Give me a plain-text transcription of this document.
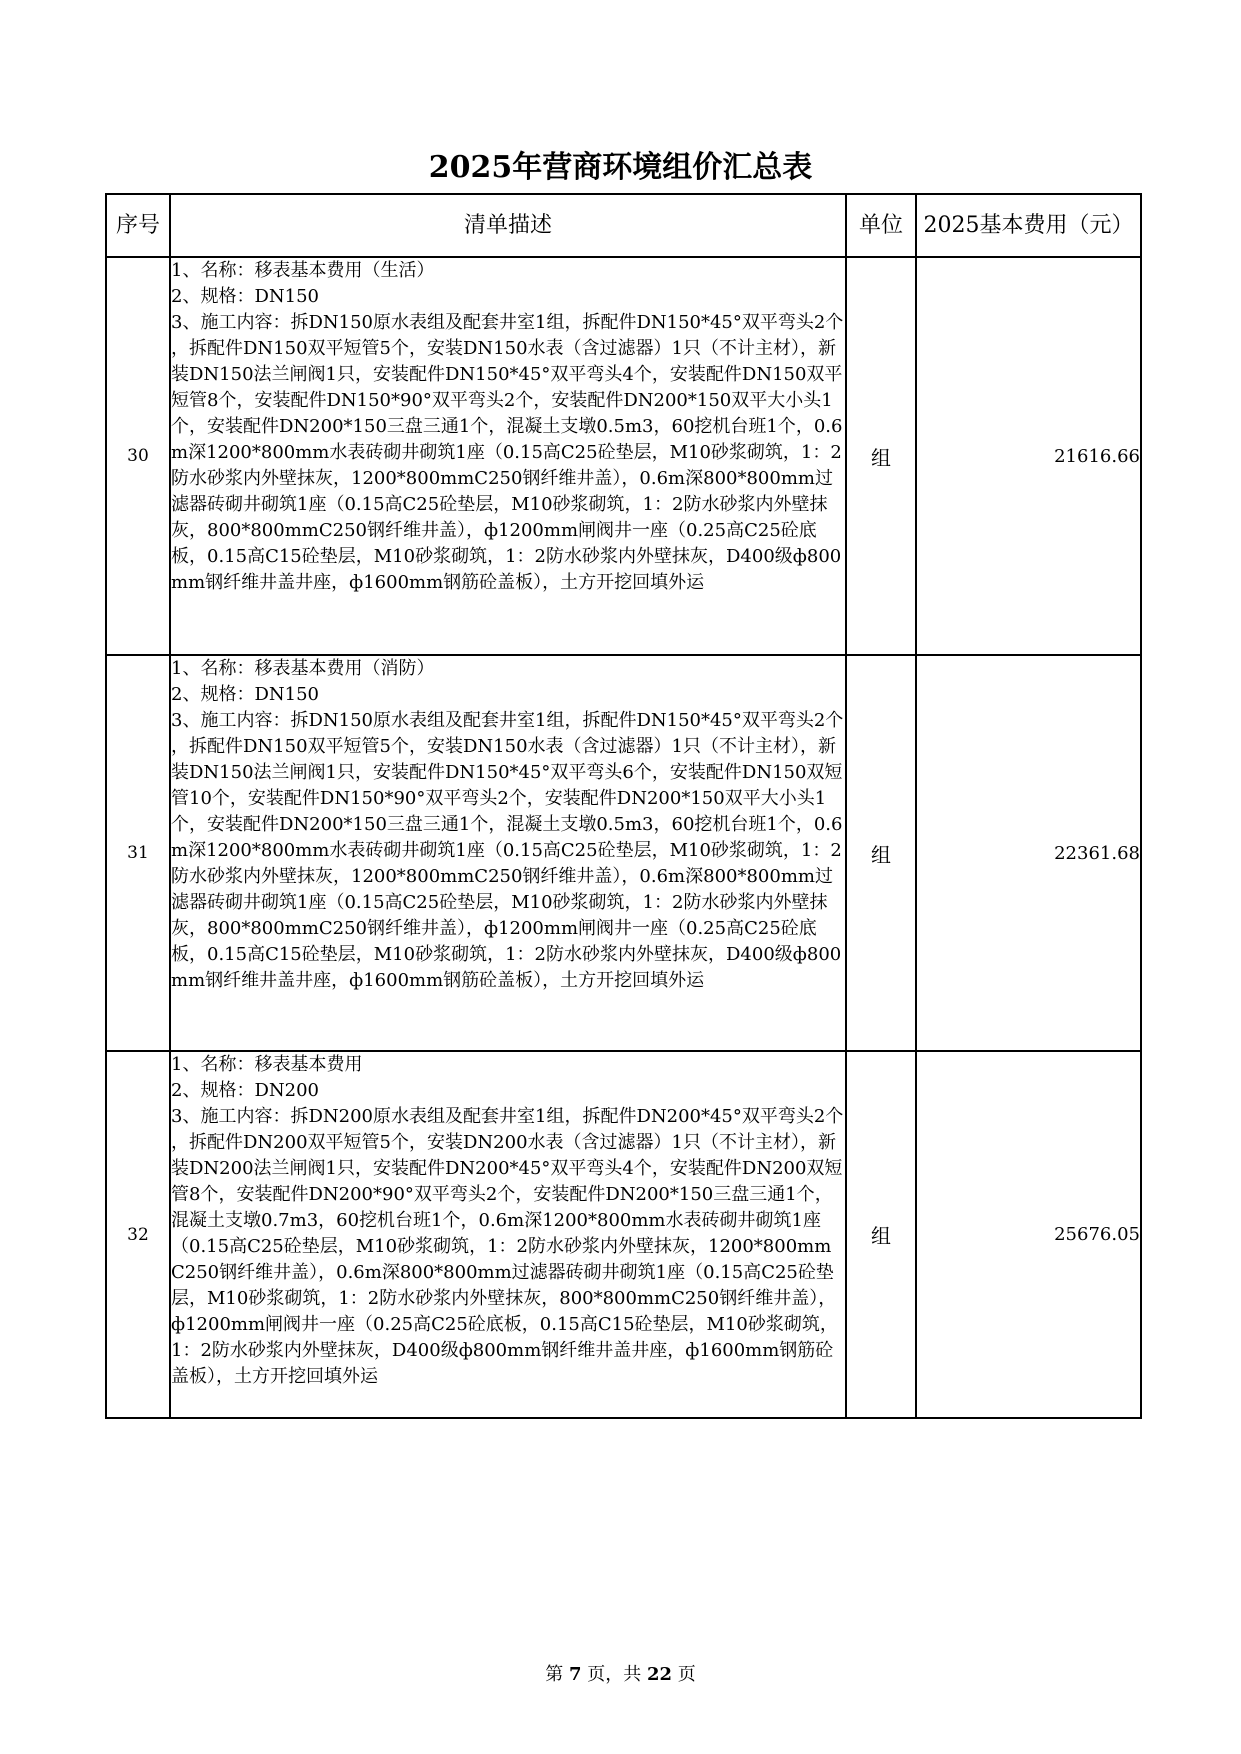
2025年营商环境组价汇总表
序号	清单描述	单位	2025基本费用（元）
30	1、名称：移表基本费用（生活）
2、规格：DN150
3、施工内容：拆DN150原水表组及配套井室1组，拆配件DN150*45°双平弯头2个 ，拆配件DN150双平短管5个，安装DN150水表（含过滤器）1只（不计主材），新装DN150法兰闸阀1只，安装配件DN150*45°双平弯头4个，安装配件DN150双平短管8个，安装配件DN150*90°双平弯头2个，安装配件DN200*150双平大小头1个，安装配件DN200*150三盘三通1个，混凝土支墩0.5m3，60挖机台班1个，0.6m深1200*800mm水表砖砌井砌筑1座（0.15高C25砼垫层，M10砂浆砌筑，1：2防水砂浆内外壁抹灰，1200*800mmC250钢纤维井盖），0.6m深800*800mm过滤器砖砌井砌筑1座（0.15高C25砼垫层，M10砂浆砌筑，1：2防水砂浆内外壁抹灰，800*800mmC250钢纤维井盖），ф1200mm闸阀井一座（0.25高C25砼底板，0.15高C15砼垫层，M10砂浆砌筑，1：2防水砂浆内外壁抹灰，D400级ф800mm钢纤维井盖井座，ф1600mm钢筋砼盖板），土方开挖回填外运	组	21616.66
31	1、名称：移表基本费用（消防）
2、规格：DN150
3、施工内容：拆DN150原水表组及配套井室1组，拆配件DN150*45°双平弯头2个 ，拆配件DN150双平短管5个，安装DN150水表（含过滤器）1只（不计主材），新装DN150法兰闸阀1只，安装配件DN150*45°双平弯头6个，安装配件DN150双短管10个，安装配件DN150*90°双平弯头2个，安装配件DN200*150双平大小头1个，安装配件DN200*150三盘三通1个，混凝土支墩0.5m3，60挖机台班1个，0.6m深1200*800mm水表砖砌井砌筑1座（0.15高C25砼垫层，M10砂浆砌筑，1：2防水砂浆内外壁抹灰，1200*800mmC250钢纤维井盖），0.6m深800*800mm过滤器砖砌井砌筑1座（0.15高C25砼垫层，M10砂浆砌筑，1：2防水砂浆内外壁抹灰，800*800mmC250钢纤维井盖），ф1200mm闸阀井一座（0.25高C25砼底板，0.15高C15砼垫层，M10砂浆砌筑，1：2防水砂浆内外壁抹灰，D400级ф800mm钢纤维井盖井座，ф1600mm钢筋砼盖板），土方开挖回填外运	组	22361.68
32	1、名称：移表基本费用
2、规格：DN200
3、施工内容：拆DN200原水表组及配套井室1组，拆配件DN200*45°双平弯头2个 ，拆配件DN200双平短管5个，安装DN200水表（含过滤器）1只（不计主材），新装DN200法兰闸阀1只，安装配件DN200*45°双平弯头4个，安装配件DN200双短管8个，安装配件DN200*90°双平弯头2个，安装配件DN200*150三盘三通1个，混凝土支墩0.7m3，60挖机台班1个，0.6m深1200*800mm水表砖砌井砌筑1座（0.15高C25砼垫层，M10砂浆砌筑，1：2防水砂浆内外壁抹灰，1200*800mmC250钢纤维井盖），0.6m深800*800mm过滤器砖砌井砌筑1座（0.15高C25砼垫层，M10砂浆砌筑，1：2防水砂浆内外壁抹灰，800*800mmC250钢纤维井盖），ф1200mm闸阀井一座（0.25高C25砼底板，0.15高C15砼垫层，M10砂浆砌筑，1：2防水砂浆内外壁抹灰，D400级ф800mm钢纤维井盖井座，ф1600mm钢筋砼盖板），土方开挖回填外运	组	25676.05
第 7 页，共 22 页
